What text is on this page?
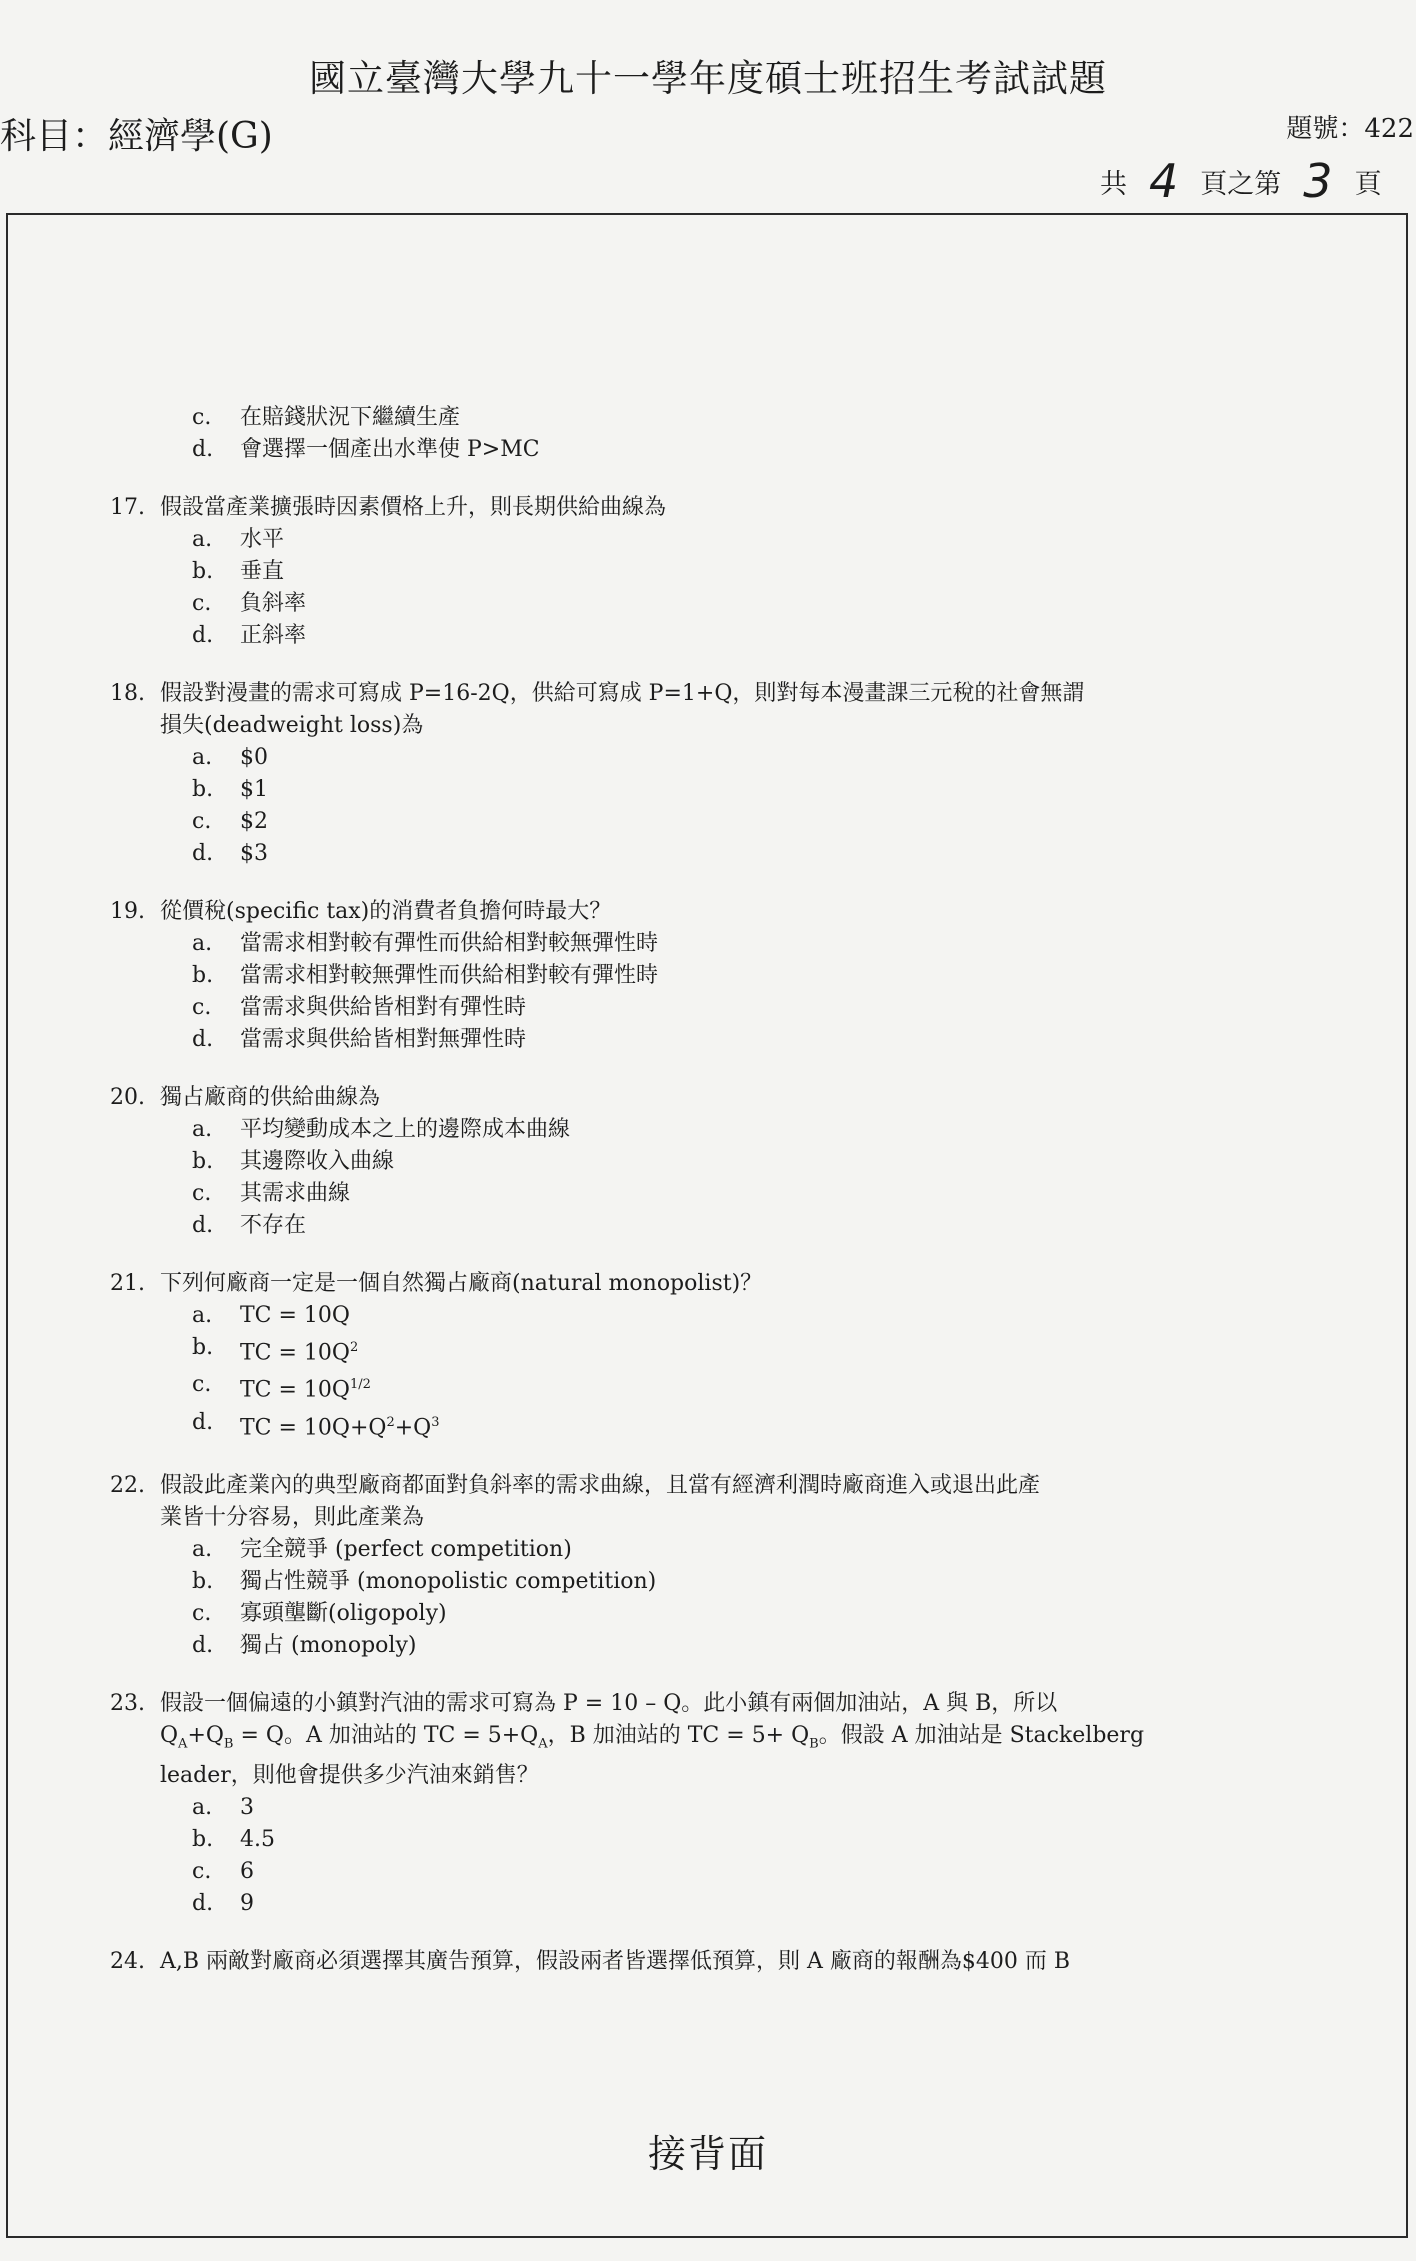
國立臺灣大學九十一學年度碩士班招生考試試題
科目：經濟學(G)	題號：422
共 4 頁之第 3 頁
c.	在賠錢狀況下繼續生產
d.	會選擇一個產出水準使 P>MC
17. 假設當產業擴張時因素價格上升，則長期供給曲線為
a.	水平
b.	垂直
c.	負斜率
d.	正斜率
18. 假設對漫畫的需求可寫成 P=16-2Q，供給可寫成 P=1+Q，則對每本漫畫課三元稅的社會無謂
損失(deadweight loss)為
a.	$0
b.	$1
c.	$2
d.	$3
19. 從價稅(specific tax)的消費者負擔何時最大？
a.	當需求相對較有彈性而供給相對較無彈性時
b.	當需求相對較無彈性而供給相對較有彈性時
c.	當需求與供給皆相對有彈性時
d.	當需求與供給皆相對無彈性時
20. 獨占廠商的供給曲線為
a.	平均變動成本之上的邊際成本曲線
b.	其邊際收入曲線
c.	其需求曲線
d.	不存在
21. 下列何廠商一定是一個自然獨占廠商(natural monopolist)？
a.	TC = 10Q
b.	TC = $10Q^2$
c.	TC = $10Q^{1/2}$
d.	TC = $10Q+Q^2+Q^3$
22. 假設此產業內的典型廠商都面對負斜率的需求曲線，且當有經濟利潤時廠商進入或退出此產
業皆十分容易，則此產業為
a.	完全競爭 (perfect competition)
b.	獨占性競爭 (monopolistic competition)
c.	寡頭壟斷(oligopoly)
d.	獨占 (monopoly)
23. 假設一個偏遠的小鎮對汽油的需求可寫為 P = 10 – Q。此小鎮有兩個加油站，A 與 B，所以
$Q_A+Q_B = Q$。A 加油站的 TC = $5+Q_A$，B 加油站的 TC = $5+ Q_B$。假設 A 加油站是 Stackelberg
leader，則他會提供多少汽油來銷售？
a.	3
b.	4.5
c.	6
d.	9
24. A,B 兩敵對廠商必須選擇其廣告預算，假設兩者皆選擇低預算，則 A 廠商的報酬為$400 而 B
接背面
